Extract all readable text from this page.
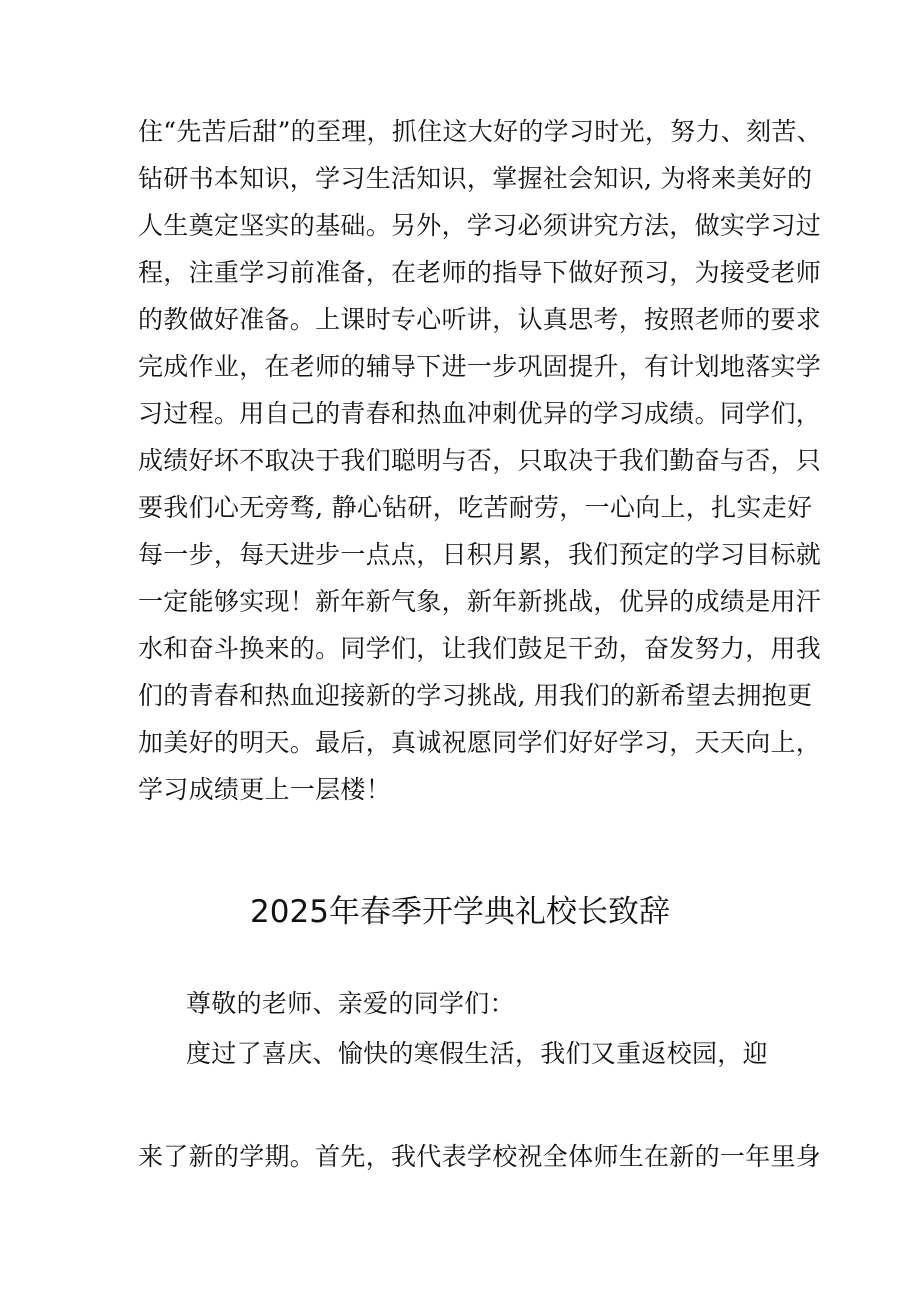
住“先苦后甜”的至理，抓住这大好的学习时光，努力、刻苦、
钻研书本知识，学习生活知识，掌握社会知识, 为将来美好的
人生奠定坚实的基础。另外，学习必须讲究方法，做实学习过
程，注重学习前准备，在老师的指导下做好预习，为接受老师
的教做好准备。上课时专心听讲，认真思考，按照老师的要求
完成作业，在老师的辅导下进一步巩固提升，有计划地落实学
习过程。用自己的青春和热血冲刺优异的学习成绩。同学们，
成绩好坏不取决于我们聪明与否，只取决于我们勤奋与否，只
要我们心无旁骛, 静心钻研，吃苦耐劳，一心向上，扎实走好
每一步，每天进步一点点，日积月累，我们预定的学习目标就
一定能够实现！新年新气象，新年新挑战，优异的成绩是用汗
水和奋斗换来的。同学们，让我们鼓足干劲，奋发努力，用我
们的青春和热血迎接新的学习挑战, 用我们的新希望去拥抱更
加美好的明天。最后，真诚祝愿同学们好好学习，天天向上，
学习成绩更上一层楼！
2025年春季开学典礼校长致辞
尊敬的老师、亲爱的同学们：
度过了喜庆、愉快的寒假生活，我们又重返校园，迎
来了新的学期。首先，我代表学校祝全体师生在新的一年里身
